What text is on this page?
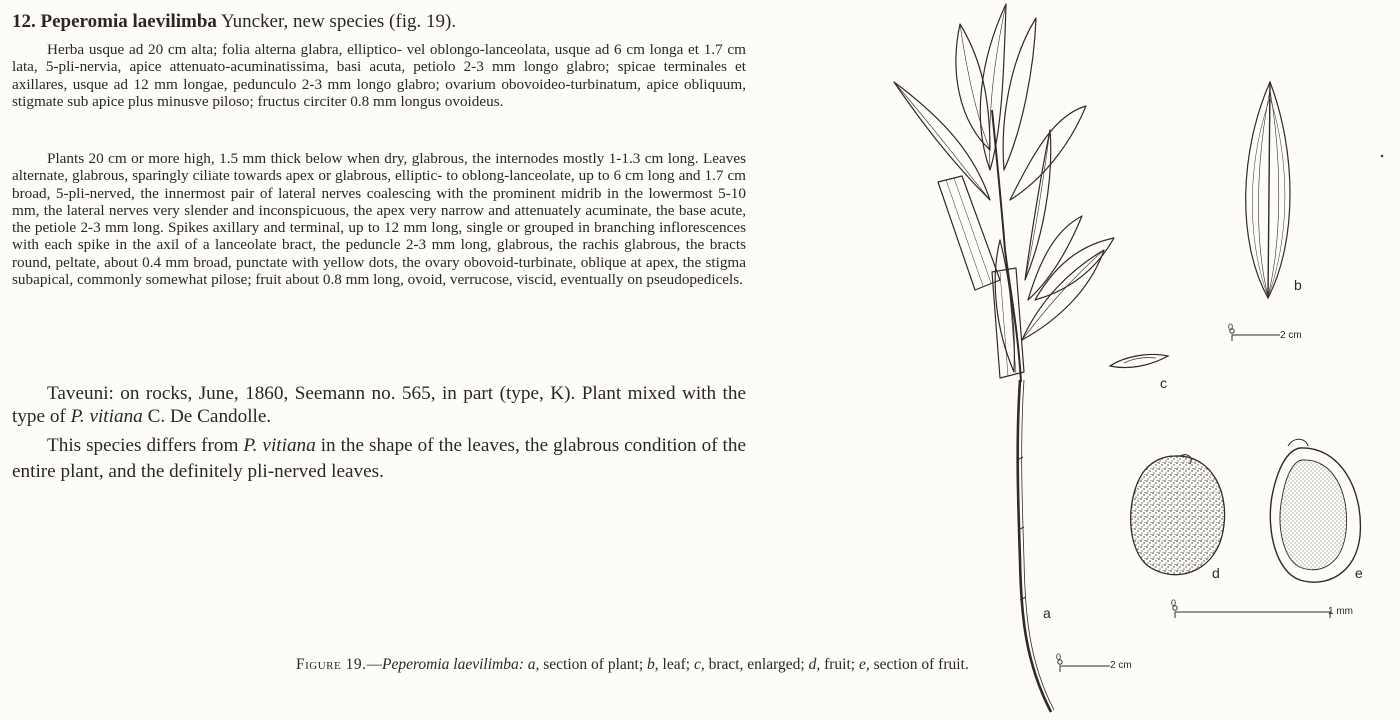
12. Peperomia laevilimba Yuncker, new species (fig. 19).
Herba usque ad 20 cm alta; folia alterna glabra, elliptico- vel oblongo-lanceolata, usque ad 6 cm longa et 1.7 cm lata, 5-pli-nervia, apice attenuato-acuminatissima, basi acuta, petiolo 2-3 mm longo glabro; spicae terminales et axillares, usque ad 12 mm longae, pedunculo 2-3 mm longo glabro; ovarium obovoideo-turbinatum, apice obliquum, stigmate sub apice plus minusve piloso; fructus circiter 0.8 mm longus ovoideus.
Plants 20 cm or more high, 1.5 mm thick below when dry, glabrous, the internodes mostly 1-1.3 cm long. Leaves alternate, glabrous, sparingly ciliate towards apex or glabrous, elliptic- to oblong-lanceolate, up to 6 cm long and 1.7 cm broad, 5-pli-nerved, the innermost pair of lateral nerves coalescing with the prominent midrib in the lowermost 5-10 mm, the lateral nerves very slender and inconspicuous, the apex very narrow and attenuately acuminate, the base acute, the petiole 2-3 mm long. Spikes axillary and terminal, up to 12 mm long, single or grouped in branching inflorescences with each spike in the axil of a lanceolate bract, the peduncle 2-3 mm long, glabrous, the rachis glabrous, the bracts round, peltate, about 0.4 mm broad, punctate with yellow dots, the ovary obovoid-turbinate, oblique at apex, the stigma subapical, commonly somewhat pilose; fruit about 0.8 mm long, ovoid, verrucose, viscid, eventually on pseudopedicels.
Taveuni: on rocks, June, 1860, Seemann no. 565, in part (type, K). Plant mixed with the type of P. vitiana C. De Candolle.
This species differs from P. vitiana in the shape of the leaves, the glabrous condition of the entire plant, and the definitely pli-nerved leaves.
Figure 19.—Peperomia laevilimba: a, section of plant; b, leaf; c, bract, enlarged; d, fruit; e, section of fruit.
a
b
0
2 cm
c
d	e
0
1 mm
0
2 cm
